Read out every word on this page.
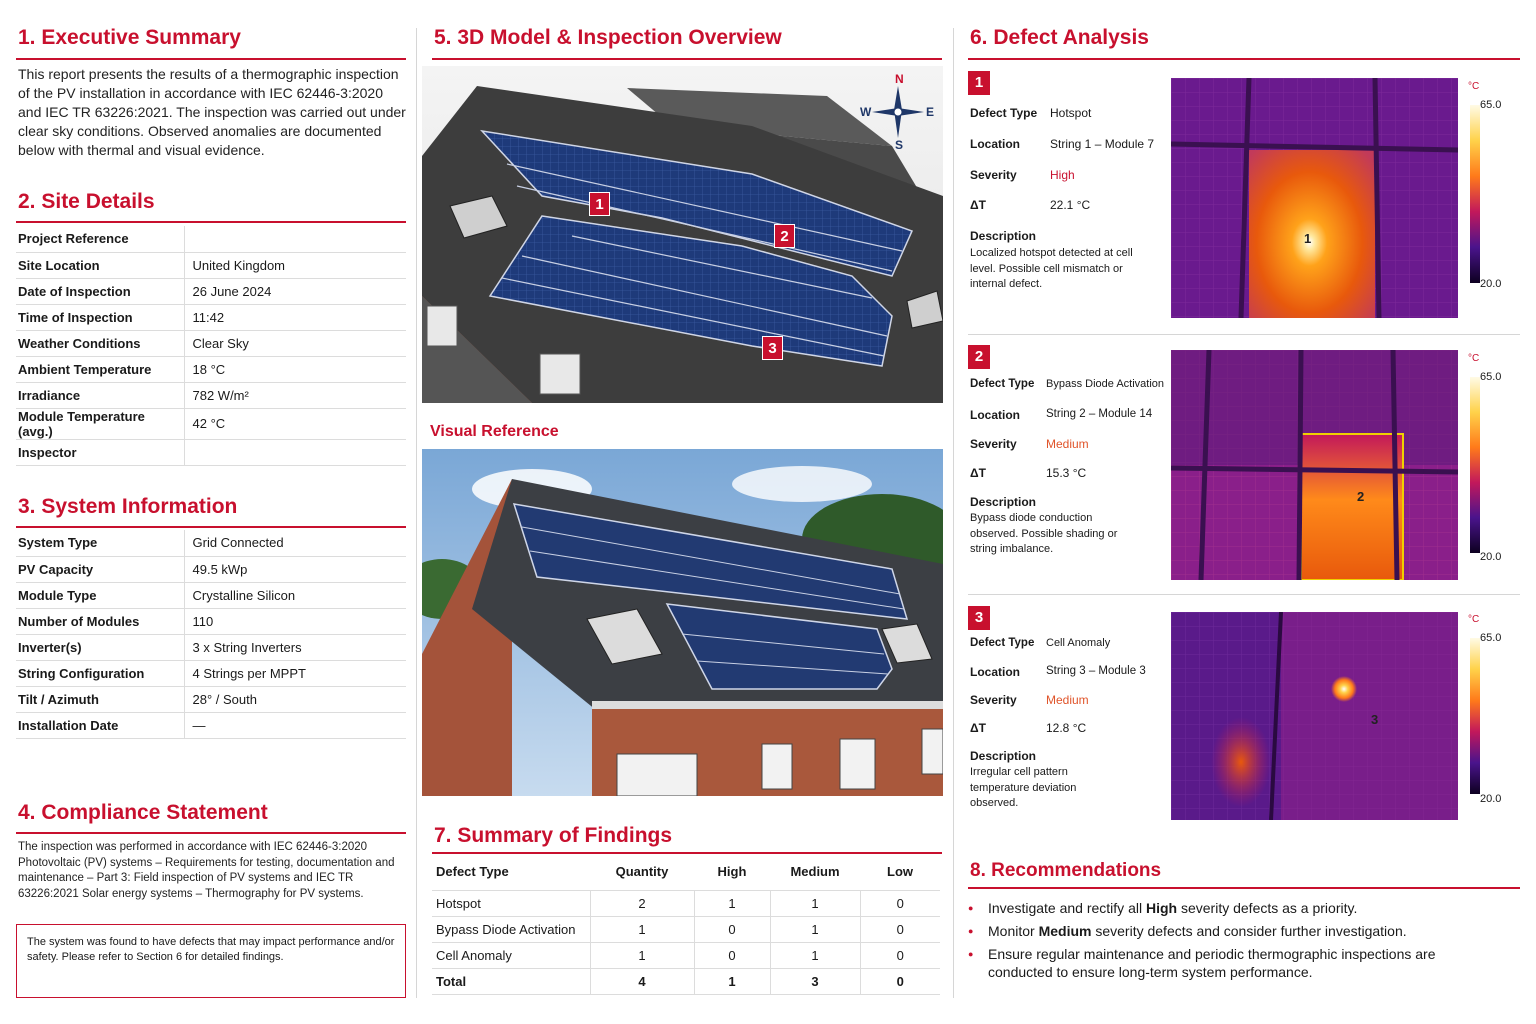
1. Executive Summary
This report presents the results of a thermographic inspection of the PV installation in accordance with IEC 62446-3:2020 and IEC TR 63226:2021. The inspection was carried out under clear sky conditions. Observed anomalies are documented below with thermal and visual evidence.
2. Site Details
Project Reference	
Site Location	United Kingdom
Date of Inspection	26 June 2024
Time of Inspection	11:42
Weather Conditions	Clear Sky
Ambient Temperature	18 °C
Irradiance	782 W/m²
Module Temperature (avg.)	42 °C
Inspector	
3. System Information
System Type	Grid Connected
PV Capacity	49.5 kWp
Module Type	Crystalline Silicon
Number of Modules	110
Inverter(s)	3 x String Inverters
String Configuration	4 Strings per MPPT
Tilt / Azimuth	28° / South
Installation Date	—
4. Compliance Statement
The inspection was performed in accordance with IEC 62446-3:2020 Photovoltaic (PV) systems – Requirements for testing, documentation and maintenance – Part 3: Field inspection of PV systems and IEC TR 63226:2021 Solar energy systems – Thermography for PV systems.
The system was found to have defects that may impact performance and/or safety. Please refer to Section 6 for detailed findings.
5. 3D Model & Inspection Overview
1
2
3
N
S
E
W
Visual Reference
7. Summary of Findings
Defect Type	Quantity	High	Medium	Low
Hotspot	2	1	1	0
Bypass Diode Activation	1	0	1	0
Cell Anomaly	1	0	1	0
Total	4	1	3	0
6. Defect Analysis
1
Defect Type Hotspot
Location	String 1 – Module 7
Severity	High
ΔT	22.1 °C
Description
Localized hotspot detected at cell level. Possible cell mismatch or internal defect.
1
°C
65.0
20.0
2
Defect Type Bypass Diode Activation
Location String 2 – Module 14
Severity Medium
ΔT	15.3 °C
Description
Bypass diode conduction observed. Possible shading or string imbalance.
2
°C
65.0
20.0
3
Defect Type Cell Anomaly
Location String 3 – Module 3
Severity Medium
ΔT	12.8 °C
Description
Irregular cell pattern temperature deviation observed.
3
°C
65.0
20.0
8. Recommendations
● Investigate and rectify all High severity defects as a priority.
● Monitor Medium severity defects and consider further investigation.
● Ensure regular maintenance and periodic thermographic inspections are conducted to ensure long-term system performance.
